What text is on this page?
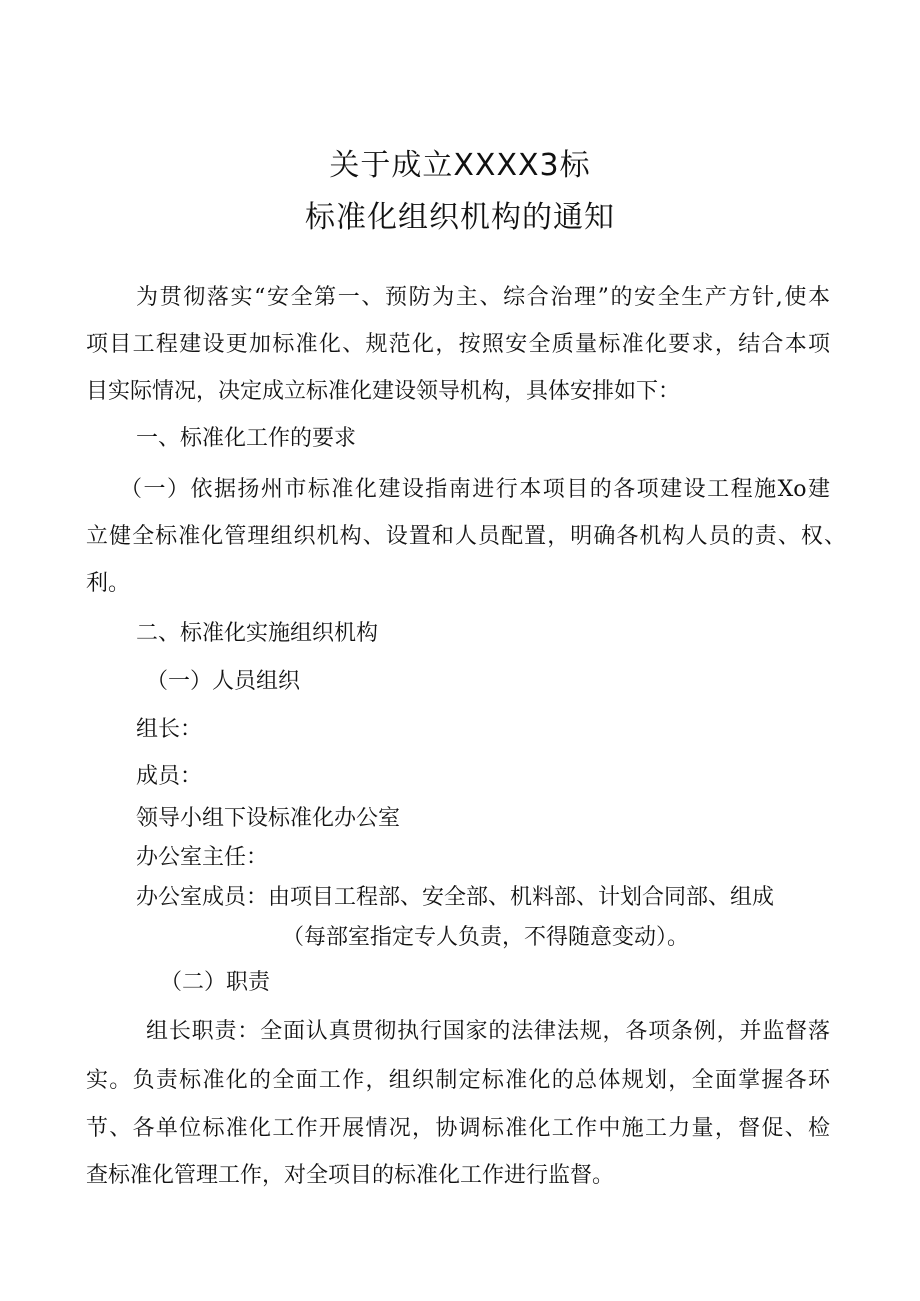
关于成立XXXX3标
标准化组织机构的通知
为贯彻落实“安全第一、预防为主、综合治理”的安全生产方针,使本
项目工程建设更加标准化、规范化，按照安全质量标准化要求，结合本项
目实际情况，决定成立标准化建设领导机构，具体安排如下：
一、标准化工作的要求
（一）依据扬州市标准化建设指南进行本项目的各项建设工程施Xo建
立健全标准化管理组织机构、设置和人员配置，明确各机构人员的责、权、
利。
二、标准化实施组织机构
（一）人员组织
组长：
成员：
领导小组下设标准化办公室
办公室主任：
办公室成员：由项目工程部、安全部、机料部、计划合同部、组成
（每部室指定专人负责，不得随意变动）。
（二）职责
组长职责：全面认真贯彻执行国家的法律法规，各项条例，并监督落
实。负责标准化的全面工作，组织制定标准化的总体规划，全面掌握各环
节、各单位标准化工作开展情况，协调标准化工作中施工力量，督促、检
查标准化管理工作，对全项目的标准化工作进行监督。
